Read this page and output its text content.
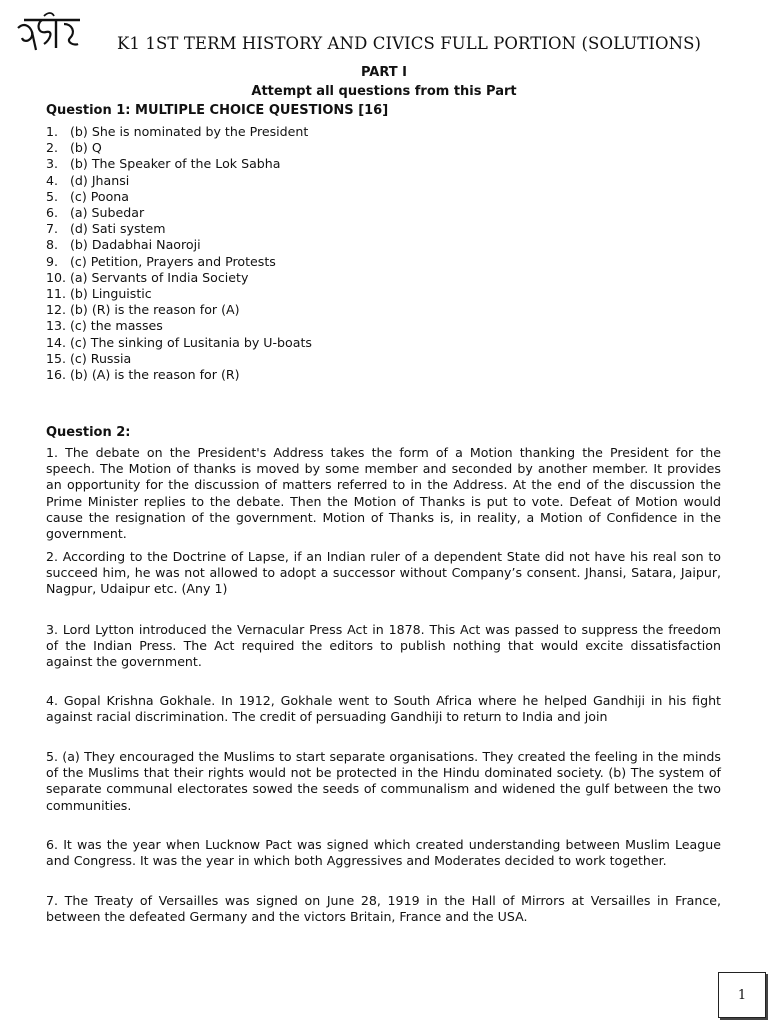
K1 1ST TERM HISTORY AND CIVICS FULL PORTION (SOLUTIONS)
PART I
Attempt all questions from this Part
Question 1: MULTIPLE CHOICE QUESTIONS [16]
1. (b) She is nominated by the President
2. (b) Q
3. (b) The Speaker of the Lok Sabha
4. (d) Jhansi
5. (c) Poona
6. (a) Subedar
7. (d) Sati system
8. (b) Dadabhai Naoroji
9. (c) Petition, Prayers and Protests
10. (a) Servants of India Society
11. (b) Linguistic
12. (b) (R) is the reason for (A)
13. (c) the masses
14. (c) The sinking of Lusitania by U-boats
15. (c) Russia
16. (b) (A) is the reason for (R)
Question 2:

1. The debate on the President's Address takes the form of a Motion thanking the President for the speech. The Motion of thanks is moved by some member and seconded by another member. It provides an opportunity for the discussion of matters referred to in the Address. At the end of the discussion the Prime Minister replies to the debate. Then the Motion of Thanks is put to vote. Defeat of Motion would cause the resignation of the government. Motion of Thanks is, in reality, a Motion of Confidence in the government.

2. According to the Doctrine of Lapse, if an Indian ruler of a dependent State did not have his real son to succeed him, he was not allowed to adopt a successor without Company’s consent. Jhansi, Satara, Jaipur, Nagpur, Udaipur etc. (Any 1)

3. Lord Lytton introduced the Vernacular Press Act in 1878. This Act was passed to suppress the freedom of the Indian Press. The Act required the editors to publish nothing that would excite dissatisfaction against the government.

4. Gopal Krishna Gokhale. In 1912, Gokhale went to South Africa where he helped Gandhiji in his fight against racial discrimination. The credit of persuading Gandhiji to return to India and join

5. (a) They encouraged the Muslims to start separate organisations. They created the feeling in the minds of the Muslims that their rights would not be protected in the Hindu dominated society. (b) The system of separate communal electorates sowed the seeds of communalism and widened the gulf between the two communities.

6. It was the year when Lucknow Pact was signed which created understanding between Muslim League and Congress. It was the year in which both Aggressives and Moderates decided to work together.

7. The Treaty of Versailles was signed on June 28, 1919 in the Hall of Mirrors at Versailles in France, between the defeated Germany and the victors Britain, France and the USA.

1
